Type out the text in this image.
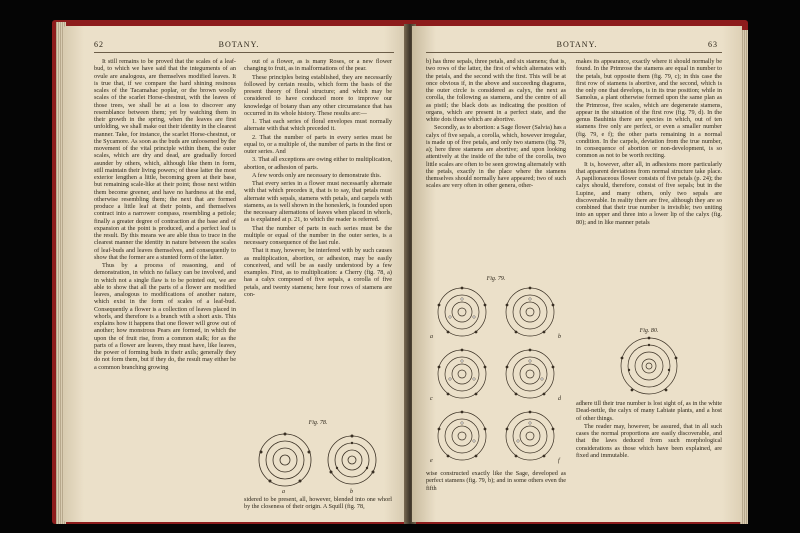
62	BOTANY.

It still remains to be proved that the scales of a leaf-bud, to which we have said that the integuments of an ovule are analogous, are themselves modified leaves. It is true that, if we compare the hard shining resinous scales of the Tacamahac poplar, or the brown woolly scales of the scarlet Horse-chestnut, with the leaves of those trees, we shall be at a loss to discover any resemblance between them; yet by watching them in their growth in the spring, when the leaves are first unfolding, we shall make out their identity in the clearest manner. Take, for instance, the scarlet Horse-chestnut, or the Sycamore. As soon as the buds are unloosened by the movement of the vital principle within them, the outer scales, which are dry and dead, are gradually forced asunder by others, which, although like them in form, still maintain their living powers; of these latter the most exterior lengthen a little, becoming green at their base, but remaining scale-like at their point; those next within them become greener, and have no hardness at the end, otherwise resembling them; the next that are formed produce a little leaf at their points, and themselves contract into a narrower compass, resembling a petiole; finally a greater degree of contraction at the base and of expansion at the point is produced, and a perfect leaf is the result. By this means we are able thus to trace in the clearest manner the identity in nature between the scales of leaf-buds and leaves themselves, and consequently to show that the former are a stunted form of the latter.

Thus by a process of reasoning, and of demonstration, in which no fallacy can be involved, and in which not a single flaw is to be pointed out, we are able to show that all the parts of a flower are modified leaves, analogous to modifications of another nature, which exist in the form of scales of a leaf-bud. Consequently a flower is a collection of leaves placed in whorls, and therefore is a branch with a short axis. This explains how it happens that one flower will grow out of another; how monstrous Pears are formed, in which the upon the of fruit rise, from a common stalk; for as the parts of a flower are leaves, they must have, like leaves, the power of forming buds in their axils; generally they do not form them, but if they do, the result may either be a common branching growing

out of a flower, as is many Roses, or a new flower changing to fruit, as in malformations of the pear.

These principles being established, they are necessarily followed by certain results, which form the basis of the present theory of floral structure; and which may be considered to have conduced more to improve our knowledge of botany than any other circumstance that has occurred in its whole history. These results are:—

1. That each series of floral envelopes must normally alternate with that which preceded it.

2. That the number of parts in every series must be equal to, or a multiple of, the number of parts in the first or outer series. And

3. That all exceptions are owing either to multiplication, abortion, or adhesion of parts.

A few words only are necessary to demonstrate this.

That every series in a flower must necessarily alternate with that which precedes it, that is to say, that petals must alternate with sepals, stamens with petals, and carpels with stamens, as is well shown in the honeslerk, is founded upon the necessary alternations of leaves when placed in whorls, as is explained at p. 21, to which the reader is referred.

That the number of parts in each series must be the multiple or equal of the number in the outer series, is a necessary consequence of the last rule.

That it may, however, be interfered with by such causes as multiplication, abortion, or adhesion, may be easily conceived, and will be as easily understood by a few examples. First, as to multiplication: a Cherry (fig. 78, a) has a calyx composed of five sepals, a corolla of five petals, and twenty stamens; here four rows of stamens are con-

Fig. 78.
a	b

sidered to be present, all, however, blended into one whorl by the closeness of their origin. A Squill (fig. 78,

BOTANY.	63

b) has three sepals, three petals, and six stamens; that is, two rows of the latter, the first of which alternates with the petals, and the second with the first. This will be at once obvious if, in the above and succeeding diagrams, the outer circle is considered as calyx, the next as corolla, the following as stamens, and the centre of all as pistil; the black dots as indicating the position of organs, which are present in a perfect state, and the white dots those which are abortive.

Secondly, as to abortion: a Sage flower (Salvia) has a calyx of five sepals, a corolla, which, however irregular, is made up of five petals, and only two stamens (fig. 79, a); here three stamens are abortive; and upon looking attentively at the inside of the tube of the corolla, two little scales are often to be seen growing alternately with the petals, exactly in the place where the stamens themselves should normally have appeared; two of such scales are very often in other genera, other-

Fig. 79.
a	b
c	d
e	f

wise constructed exactly like the Sage, developed as perfect stamens (fig. 79, b); and in some others even the fifth

makes its appearance, exactly where it should normally be found. In the Primrose the stamens are equal in number to the petals, but opposite them (fig. 79, c); in this case the first row of stamens is abortive, and the second, which is the only one that develops, is in its true position; while in Samolus, a plant otherwise formed upon the same plan as the Primrose, five scales, which are degenerate stamens, appear in the situation of the first row (fig. 79, d). In the genus Bauhinia there are species in which, out of ten stamens five only are perfect, or even a smaller number (fig. 79, e f); the other parts remaining in a normal condition. In the carpels, deviation from the true number, in consequence of abortion or non-development, is so common as not to be worth reciting.

It is, however, after all, in adhesions more particularly that apparent deviations from normal structure take place. A papilionaceous flower consists of five petals (p. 24); the calyx should, therefore, consist of five sepals; but in the Lupine, and many others, only two sepals are discoverable. In reality there are five, although they are so combined that their true number is invisible; two uniting into an upper and three into a lower lip of the calyx (fig. 80); and in like manner petals

Fig. 80.

adhere till their true number is lost sight of, as in the white Dead-nettle, the calyx of many Labiate plants, and a host of other things.

The reader may, however, be assured, that in all such cases the normal proportions are easily discoverable, and that the laws deduced from such morphological considerations as those which have been explained, are fixed and immutable.
